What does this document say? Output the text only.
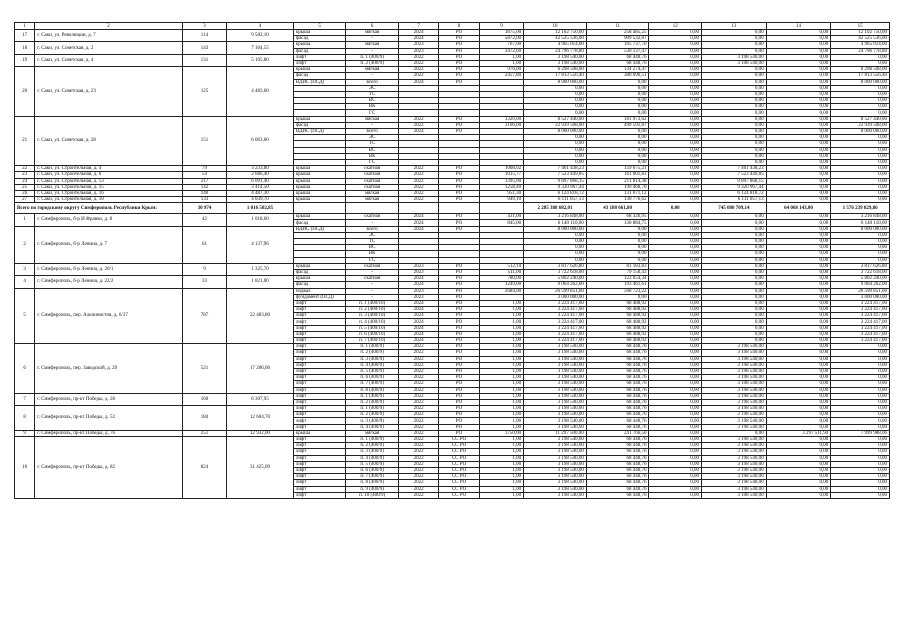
1	2	3	4	5	6	7	8	9	10	11	12	13	14	15
17	г. Саки, ул. Революции, д. 7	114	9 582,10	крыша	мягкая	2024	РО	1875,00	12 102 750,00	258 485,25	0,00	0,00	0,00	12 102 750,00
				фасад	-	2024	РО	5872,00	42 525 536,00	909 532,87	0,00	0,00	0,00	42 525 536,00
18	г. Саки, ул. Советская, д. 2	143	7 164,55	крыша	мягкая	2023	РО	767,00	4 965 014,00	105 737,70	0,00	0,00	0,00	4 965 014,00
				фасад	-	2023	РО	3472,60	24 796 778,80	530 137,47	0,00	0,00	0,00	24 796 778,80
19	г. Саки, ул. Советская, д. 4	131	5 105,80	лифт	п. 1 (400/9)	2022	РО	1,00	3 198 540,00	68 448,76	0,00	3 198 540,00	0,00	0,00
				лифт	п. 2 (400/9)	2022	РО	1,00	3 198 540,00	68 448,76	0,00	3 198 540,00	0,00	0,00
20	г. Саки, ул. Советская, д. 23	125	4 483,60	крыша	мягкая	2022	РО	976,00	6 298 508,00	134 274,47	0,00	0,00	0,00	6 298 508,00
				фасад	-	2022	РО	2457,80	17 813 556,40	380 696,51	0,00	0,00	0,00	17 813 556,40
				ВДИС (ПСД)	всего	2024	РО		8 000 000,00	0,00	0,00	0,00	0,00	8 000 000,00
					ЭС				0,00	0,00	0,00	0,00	0,00	0,00
					ТС				0,00	0,00	0,00	0,00	0,00	0,00
					ВС				0,00	0,00	0,00	0,00	0,00	0,00
					ВК				0,00	0,00	0,00	0,00	0,00	0,00
					ГС				0,00	0,00	0,00	0,00	0,00	0,00
21	г. Саки, ул. Советская, д. 28	151	6 063,60	крыша	мягкая	2022	РО	1320,00	8 527 440,00	181 973,62	0,00	0,00	0,00	8 527 440,00
				фасад	-	2022	РО	3166,00	22 939 508,00	490 591,87	0,00	0,00	0,00	22 939 508,00
				ВДИС (ПСД)	всего	2024	РО		8 000 000,00	0,00	0,00	0,00	0,00	8 000 000,00
					ЭС				0,00	0,00	0,00	0,00	0,00	0,00
					ТС				0,00	0,00	0,00	0,00	0,00	0,00
					ВС				0,00	0,00	0,00	0,00	0,00	0,00
					ВК				0,00	0,00	0,00	0,00	0,00	0,00
					ГС				0,00	0,00	0,00	0,00	0,00	0,00
22	г. Саки, ул. Строительная, д. 4	79	3 233,80	крыша	скатная	2022	РО	1008,02	7 461 438,23	159 675,21	0,00	7 461 438,23	0,00	0,00
23	г. Саки, ул. Строительная, д. 6	54	2 686,40	крыша	скатная	2022	РО	1015,77	7 523 449,85	161 001,83	0,00	7 523 449,85	0,00	0,00
24	г. Саки, ул. Строительная, д. 13	217	6 091,40	крыша	скатная	2022	РО	1395,00	9 897 868,15	211 814,38	0,00	9 897 868,15	0,00	0,00
25	г. Саки, ул. Строительная, д. 15	142	3 414,50	крыша	скатная	2022	РО	1258,40	9 320 967,44	199 468,70	0,00	9 320 967,44	0,00	0,00
26	г. Саки, ул. Строительная, д. 16	140	4 487,30	крыша	мягкая	2022	РО	951,30	6 124 818,72	131 071,12	0,00	6 124 818,72	0,00	0,00
27	г. Саки, ул. Строительная, д. 18	133	4 039,70	крыша	мягкая	2022	РО	949,10	6 111 057,13	130 776,62	0,00	6 111 057,13	0,00	0,00
Всего по городскому округу Симферополь Республики Крым:		30 974	1 016 502,85						2 285 388 682,01	43 188 661,80	0,00	745 080 709,14	64 068 143,00	1 576 239 829,86
1	г. Симферополь, б-р И.Франко, д. 8	42	1 018,60	крыша	скатная	2024	РО	431,00	3 216 848,00	68 326,95	0,00	0,00	0,00	3 216 848,00
				фасад	-	2024	РО	845,00	6 140 110,00	130 884,75	0,00	0,00	0,00	6 140 110,00
2	г. Симферополь, б-р Ленина, д. 7	61	4 137,96	ВДИС (ПСД)	всего	2024	РО		8 000 000,00	0,00	0,00	0,00	0,00	8 000 000,00
					ЭС				0,00	0,00	0,00	0,00	0,00	0,00
					ТС				0,00	0,00	0,00	0,00	0,00	0,00
					ВС				0,00	0,00	0,00	0,00	0,00	0,00
					ВК				0,00	0,00	0,00	0,00	0,00	0,00
					ГС				0,00	0,00	0,00	0,00	0,00	0,00
3	г. Симферополь, б-р Ленина, д. 20/1	9	1 325,70	крыша	скатная	2023	РО	512,10	3 817 626,80	81 183,83	0,00	0,00	0,00	3 817 626,80
				фасад	-	2023	РО	511,00	3 722 618,00	79 150,43	0,00	0,00	0,00	3 722 618,00
4	г. Симферополь, б-р Ленина, д. 22/2	33	1 821,00	крыша	скатная	2024	РО	780,00	5 802 240,00	123 654,34	0,00	0,00	0,00	5 802 240,00
				фасад	-	2024	РО	1249,00	9 064 262,00	193 461,61	0,00	0,00	0,00	9 064 262,00
5	г. Симферополь, пер. Альпинистов, д. 6/37	787	22 483,80	подвал	-	2023	РО	2684,00	26 599 851,60	568 723,22	0,00	0,00	0,00	26 599 851,60
				фундамент (ПСД)	-	2023	РО		3 000 000,00	0,00	0,00	0,00	0,00	3 000 000,00
				лифт	п. 1 (400/10)	2024	РО	1,00	3 224 417,00	68 488,92	0,00	0,00	0,00	3 224 417,00
				лифт	п. 2 (400/10)	2024	РО	1,00	3 224 417,00	68 488,92	0,00	0,00	0,00	3 224 417,00
				лифт	п. 3 (400/10)	2024	РО	1,00	3 224 417,00	68 488,92	0,00	0,00	0,00	3 224 417,00
				лифт	п. 4 (400/10)	2024	РО	1,00	3 224 417,00	68 488,92	0,00	0,00	0,00	3 224 417,00
				лифт	п. 5 (400/10)	2024	РО	1,00	3 224 417,00	68 488,92	0,00	0,00	0,00	3 224 417,00
				лифт	п. 6 (400/10)	2024	РО	1,00	3 224 417,00	68 488,92	0,00	0,00	0,00	3 224 417,00
				лифт	п. 7 (400/10)	2024	РО	1,00	3 224 417,00	68 488,92	0,00	0,00	0,00	3 224 417,00
6	г. Симферополь, пер. Заводской, д. 29	521	17 206,00	лифт	п. 1 (400/9)	2022	РО	1,00	3 198 540,00	68 448,76	0,00	3 198 540,00	0,00	0,00
				лифт	п. 2 (400/9)	2022	РО	1,00	3 198 540,00	68 448,76	0,00	3 198 540,00	0,00	0,00
				лифт	п. 3 (400/9)	2022	РО	1,00	3 198 540,00	68 448,76	0,00	3 198 540,00	0,00	0,00
				лифт	п. 4 (400/9)	2022	РО	1,00	3 198 540,00	68 448,76	0,00	3 198 540,00	0,00	0,00
				лифт	п. 5 (400/9)	2022	РО	1,00	3 198 540,00	68 448,76	0,00	3 198 540,00	0,00	0,00
				лифт	п. 6 (400/9)	2022	РО	1,00	3 198 540,00	68 448,76	0,00	3 198 540,00	0,00	0,00
				лифт	п. 7 (400/9)	2022	РО	1,00	3 198 540,00	68 448,76	0,00	3 198 540,00	0,00	0,00
				лифт	п. 8 (400/9)	2022	РО	1,00	3 198 540,00	68 448,76	0,00	3 198 540,00	0,00	0,00
7	г. Симферополь, пр-кт Победы, д. 28	160	6 307,95	лифт	п. 1 (400/9)	2022	РО	1,00	3 198 540,00	68 448,76	0,00	3 198 540,00	0,00	0,00
				лифт	п. 2 (400/9)	2022	РО	1,00	3 198 540,00	68 448,76	0,00	3 198 540,00	0,00	0,00
8	г. Симферополь, пр-кт Победы, д. 52	184	12 604,70	лифт	п. 1 (400/9)	2022	РО	1,00	3 198 540,00	68 448,76	0,00	3 198 540,00	0,00	0,00
				лифт	п. 2 (400/9)	2022	РО	1,00	3 198 540,00	68 448,76	0,00	3 198 540,00	0,00	0,00
				лифт	п. 3 (400/9)	2022	РО	1,00	3 198 540,00	68 448,76	0,00	3 198 540,00	0,00	0,00
				лифт	п. 4 (400/9)	2022	РО	1,00	3 198 540,00	68 448,76	0,00	3 198 540,00	0,00	0,00
9	г. Симферополь, пр-кт Победы, д. 76	251	12 932,00	крыша	мягкая	2022	РО	1750,00	11 297 500,00	241 766,50	0,00	0,00	3 297 511,94	7 999 988,06
10	г. Симферополь, пр-кт Победы, д. 82	824	31 425,09	лифт	п. 1 (400/9)	2022	СС РО	1,00	3 198 540,00	68 448,76	0,00	3 198 540,00	0,00	0,00
				лифт	п. 2 (400/9)	2022	СС РО	1,00	3 198 540,00	68 448,76	0,00	3 198 540,00	0,00	0,00
				лифт	п. 3 (400/9)	2022	СС РО	1,00	3 198 540,00	68 448,76	0,00	3 198 540,00	0,00	0,00
				лифт	п. 4 (400/9)	2022	СС РО	1,00	3 198 540,00	68 448,76	0,00	3 198 540,00	0,00	0,00
				лифт	п. 5 (400/9)	2022	СС РО	1,00	3 198 540,00	68 448,76	0,00	3 198 540,00	0,00	0,00
				лифт	п. 6 (400/9)	2022	СС РО	1,00	3 198 540,00	68 448,76	0,00	3 198 540,00	0,00	0,00
				лифт	п. 7 (400/9)	2022	СС РО	1,00	3 198 540,00	68 448,76	0,00	3 198 540,00	0,00	0,00
				лифт	п. 8 (400/9)	2022	СС РО	1,00	3 198 540,00	68 448,76	0,00	3 198 540,00	0,00	0,00
				лифт	п. 9 (400/9)	2022	СС РО	1,00	3 198 540,00	68 448,76	0,00	3 198 540,00	0,00	0,00
				лифт	п. 10 (400/9)	2022	СС РО	1,00	3 198 540,00	68 448,76	0,00	3 198 540,00	0,00	0,00
